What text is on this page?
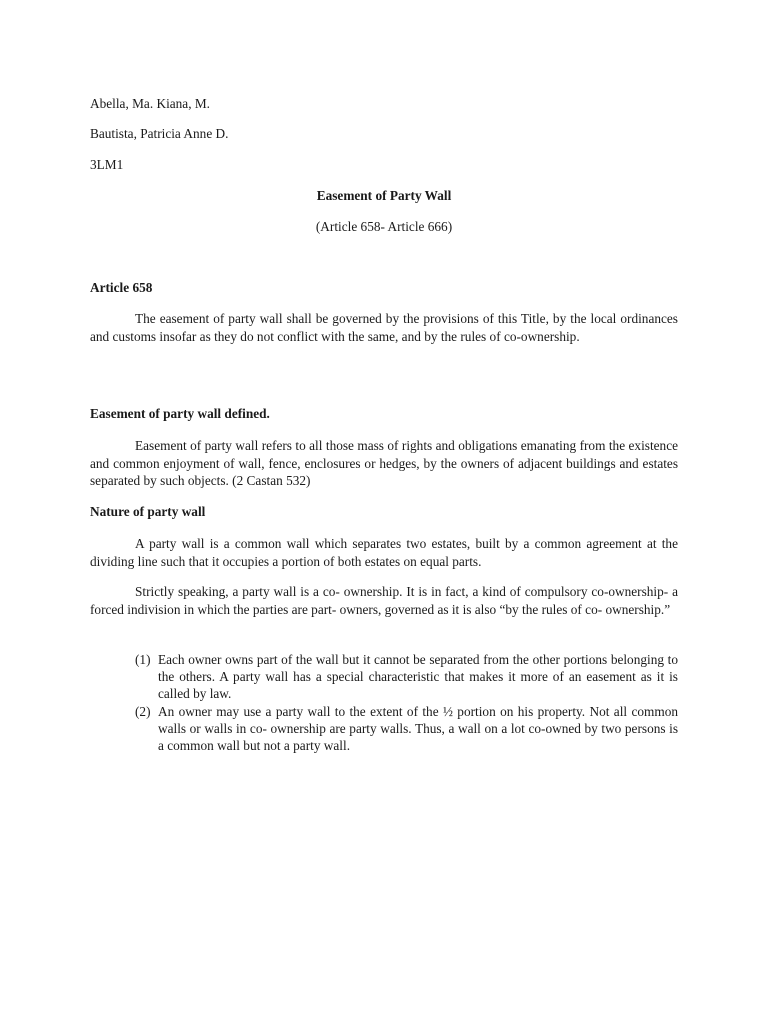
Abella, Ma. Kiana, M.
Bautista, Patricia Anne D.
3LM1
Easement of Party Wall
(Article 658- Article 666)
Article 658

The easement of party wall shall be governed by the provisions of this Title, by the local ordinances and customs insofar as they do not conflict with the same, and by the rules of co-ownership.

Easement of party wall defined.

Easement of party wall refers to all those mass of rights and obligations emanating from the existence and common enjoyment of wall, fence, enclosures or hedges, by the owners of adjacent buildings and estates separated by such objects. (2 Castan 532)

Nature of party wall

A party wall is a common wall which separates two estates, built by a common agreement at the dividing line such that it occupies a portion of both estates on equal parts.

Strictly speaking, a party wall is a co- ownership. It is in fact, a kind of compulsory co-ownership- a forced indivision in which the parties are part- owners, governed as it is also “by the rules of co- ownership.”

(1) Each owner owns part of the wall but it cannot be separated from the other portions belonging to the others. A party wall has a special characteristic that makes it more of an easement as it is called by law.
(2) An owner may use a party wall to the extent of the ½ portion on his property. Not all common walls or walls in co- ownership are party walls. Thus, a wall on a lot co-owned by two persons is a common wall but not a party wall.
